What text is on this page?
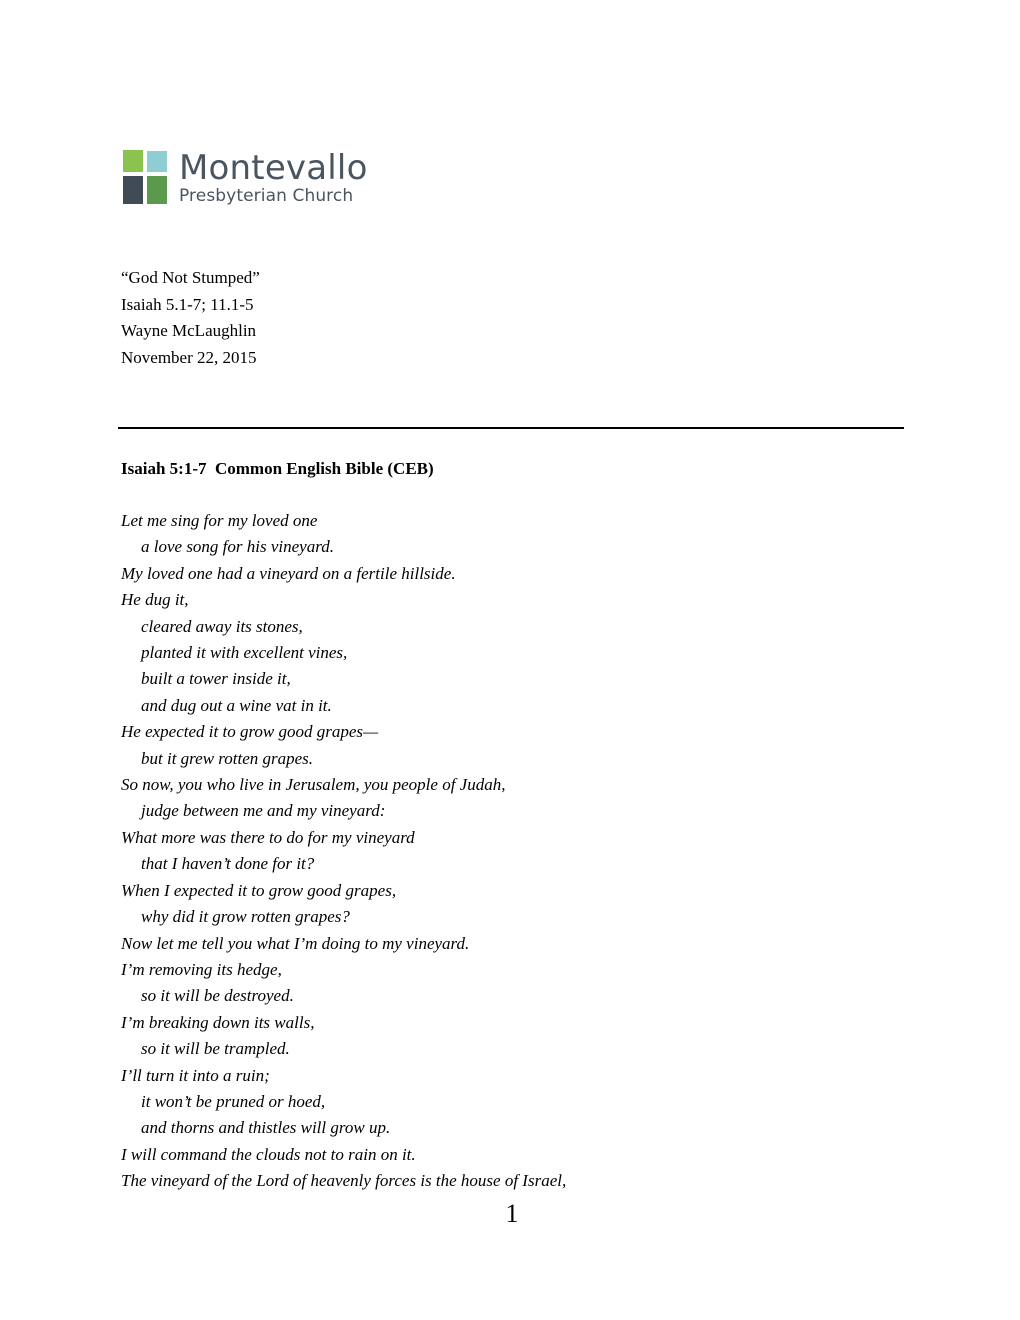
Montevallo
Presbyterian Church
“God Not Stumped”
Isaiah 5.1-7; 11.1-5
Wayne McLaughlin
November 22, 2015
Isaiah 5:1-7  Common English Bible (CEB)
Let me sing for my loved one
a love song for his vineyard.
My loved one had a vineyard on a fertile hillside.
He dug it,
cleared away its stones,
planted it with excellent vines,
built a tower inside it,
and dug out a wine vat in it.
He expected it to grow good grapes—
but it grew rotten grapes.
So now, you who live in Jerusalem, you people of Judah,
judge between me and my vineyard:
What more was there to do for my vineyard
that I haven’t done for it?
When I expected it to grow good grapes,
why did it grow rotten grapes?
Now let me tell you what I’m doing to my vineyard.
I’m removing its hedge,
so it will be destroyed.
I’m breaking down its walls,
so it will be trampled.
I’ll turn it into a ruin;
it won’t be pruned or hoed,
and thorns and thistles will grow up.
I will command the clouds not to rain on it.
The vineyard of the Lord of heavenly forces is the house of Israel,
1
